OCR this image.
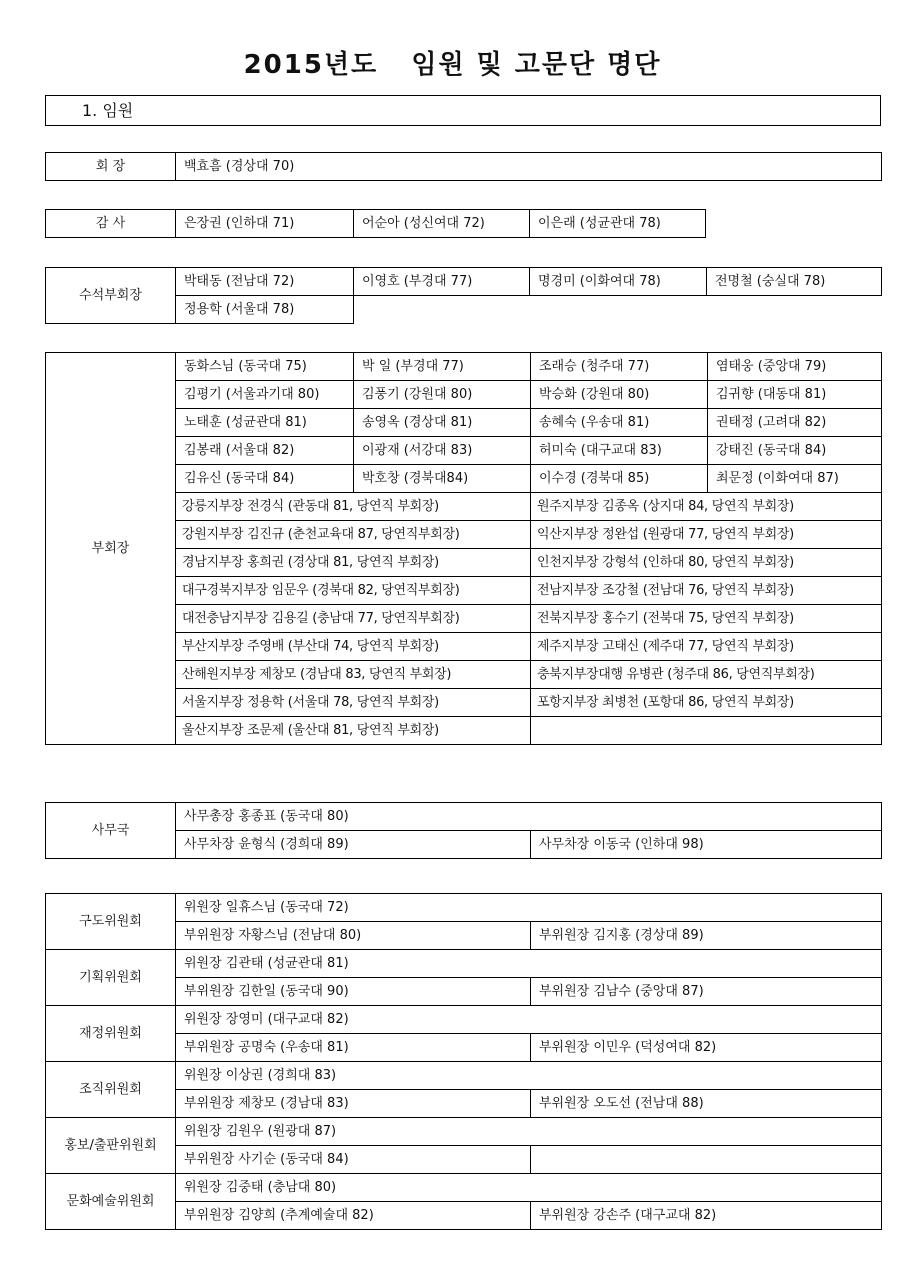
2015년도   임원 및 고문단 명단
1. 임원
회 장	백효흠 (경상대 70)
감 사	은장권 (인하대 71)	어순아 (성신여대 72)	이은래 (성균관대 78)
수석부회장	박태동 (전남대 72)	이영호 (부경대 77)	명경미 (이화여대 78)	전명철 (숭실대 78)
	정용학 (서울대 78)			
부회장	동화스님 (동국대 75)	박 일 (부경대 77)	조래승 (청주대 77)	염태웅 (중앙대 79)
	김평기 (서울과기대 80)	김풍기 (강원대 80)	박승화 (강원대 80)	김귀향 (대동대 81)
	노태훈 (성균관대 81)	송영옥 (경상대 81)	송혜숙 (우송대 81)	권태정 (고려대 82)
	김봉래 (서울대 82)	이광재 (서강대 83)	허미숙 (대구교대 83)	강태진 (동국대 84)
	김유신 (동국대 84)	박호창 (경북대84)	이수경 (경북대 85)	최문정 (이화여대 87)
	강릉지부장 전경식 (관동대 81, 당연직 부회장)		원주지부장 김종옥 (상지대 84, 당연직 부회장)	
	강원지부장 김진규 (춘천교육대 87, 당연직부회장)		익산지부장 정완섭 (원광대 77, 당연직 부회장)	
	경남지부장 홍희권 (경상대 81, 당연직 부회장)		인천지부장 강형석 (인하대 80, 당연직 부회장)	
	대구경북지부장 임문우 (경북대 82, 당연직부회장)		전남지부장 조강철 (전남대 76, 당연직 부회장)	
	대전충남지부장 김용길 (충남대 77, 당연직부회장)		전북지부장 홍수기 (전북대 75, 당연직 부회장)	
	부산지부장 주영배 (부산대 74, 당연직 부회장)		제주지부장 고태신 (제주대 77, 당연직 부회장)	
	산해원지부장 제창모 (경남대 83, 당연직 부회장)		충북지부장대행 유병관 (청주대 86, 당연직부회장)	
	서울지부장 정용학 (서울대 78, 당연직 부회장)		포항지부장 최병천 (포항대 86, 당연직 부회장)	
	울산지부장 조문제 (울산대 81, 당연직 부회장)			
사무국	사무총장 홍종표 (동국대 80)	
	사무차장 윤형식 (경희대 89)	사무차장 이동국 (인하대 98)
구도위원회	위원장 일휴스님 (동국대 72)	
	부위원장 자황스님 (전남대 80)	부위원장 김지홍 (경상대 89)
기획위원회	위원장 김관태 (성균관대 81)	
	부위원장 김한일 (동국대 90)	부위원장 김남수 (중앙대 87)
재정위원회	위원장 장영미 (대구교대 82)	
	부위원장 공명숙 (우송대 81)	부위원장 이민우 (덕성여대 82)
조직위원회	위원장 이상권 (경희대 83)	
	부위원장 제창모 (경남대 83)	부위원장 오도선 (전남대 88)
홍보/출판위원회	위원장 김원우 (원광대 87)	
	부위원장 사기순 (동국대 84)	
문화예술위원회	위원장 김중태 (충남대 80)	
	부위원장 김양희 (추계예술대 82)	부위원장 강손주 (대구교대 82)
